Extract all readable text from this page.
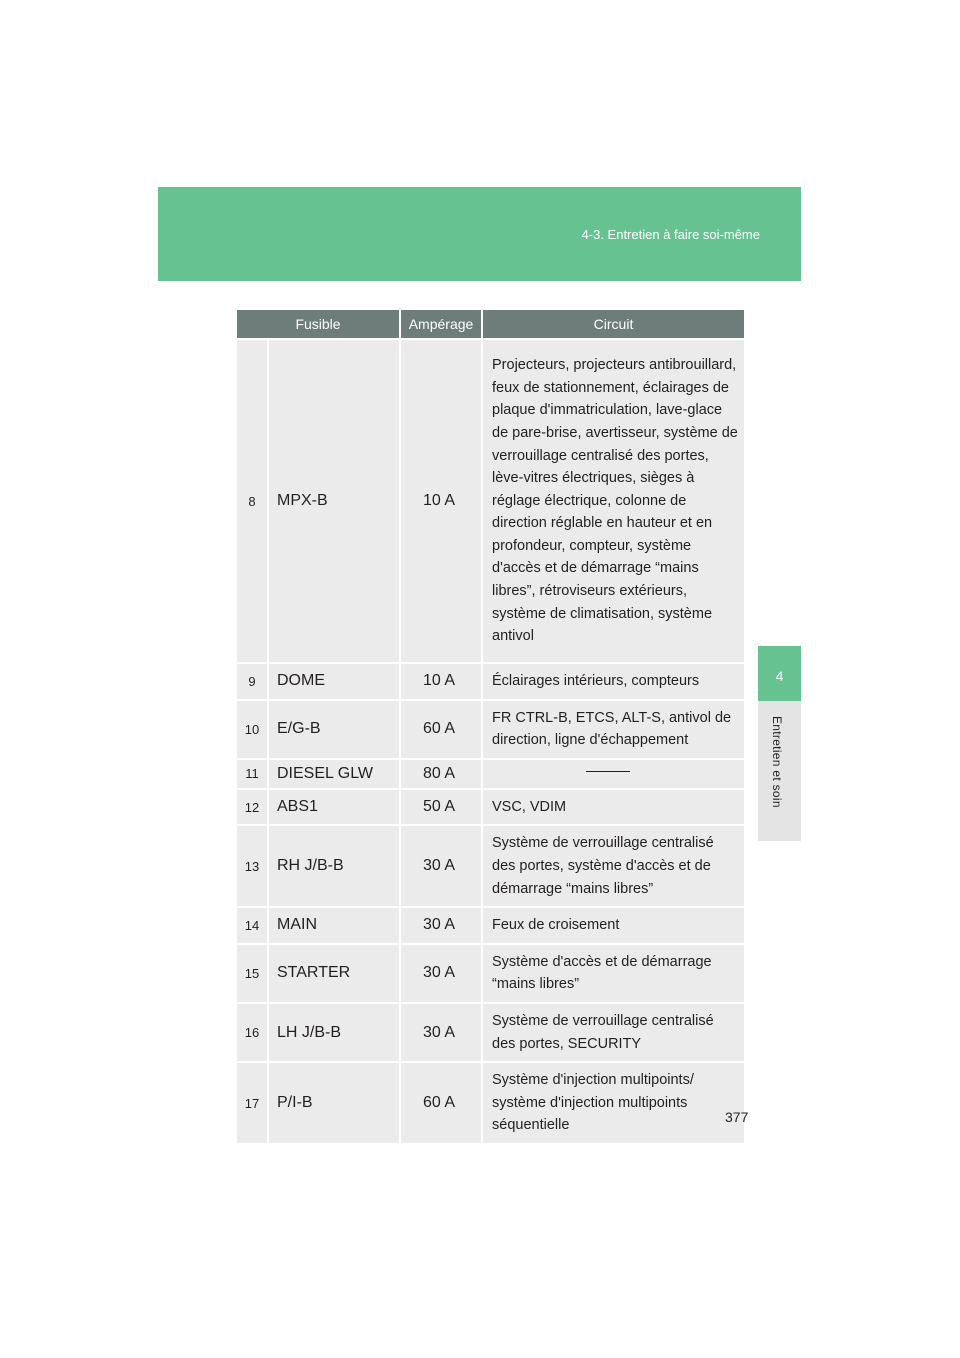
4-3. Entretien à faire soi-même
4
Entretien et soin
Fusible		Ampérage	Circuit
8	MPX-B	10 A	Projecteurs, projecteurs antibrouillard, feux de stationnement, éclairages de plaque d'immatriculation, lave-glace de pare-brise, avertisseur, système de verrouillage centralisé des portes, lève-vitres électriques, sièges à réglage électrique, colonne de direction réglable en hauteur et en profondeur, compteur, système d'accès et de démarrage “mains libres”, rétroviseurs extérieurs, système de climatisation, système antivol
9	DOME	10 A	Éclairages intérieurs, compteurs
10	E/G-B	60 A	FR CTRL-B, ETCS, ALT-S, antivol de direction, ligne d'échappement
11	DIESEL GLW	80 A	

12	ABS1	50 A	VSC, VDIM
13	RH J/B-B	30 A	Système de verrouillage centralisé des portes, système d'accès et de démarrage “mains libres”
14	MAIN	30 A	Feux de croisement
15	STARTER	30 A	Système d'accès et de démarrage “mains libres”
16	LH J/B-B	30 A	Système de verrouillage centralisé des portes, SECURITY
17	P/I-B	60 A	Système d'injection multipoints/ système d'injection multipoints séquentielle
377
